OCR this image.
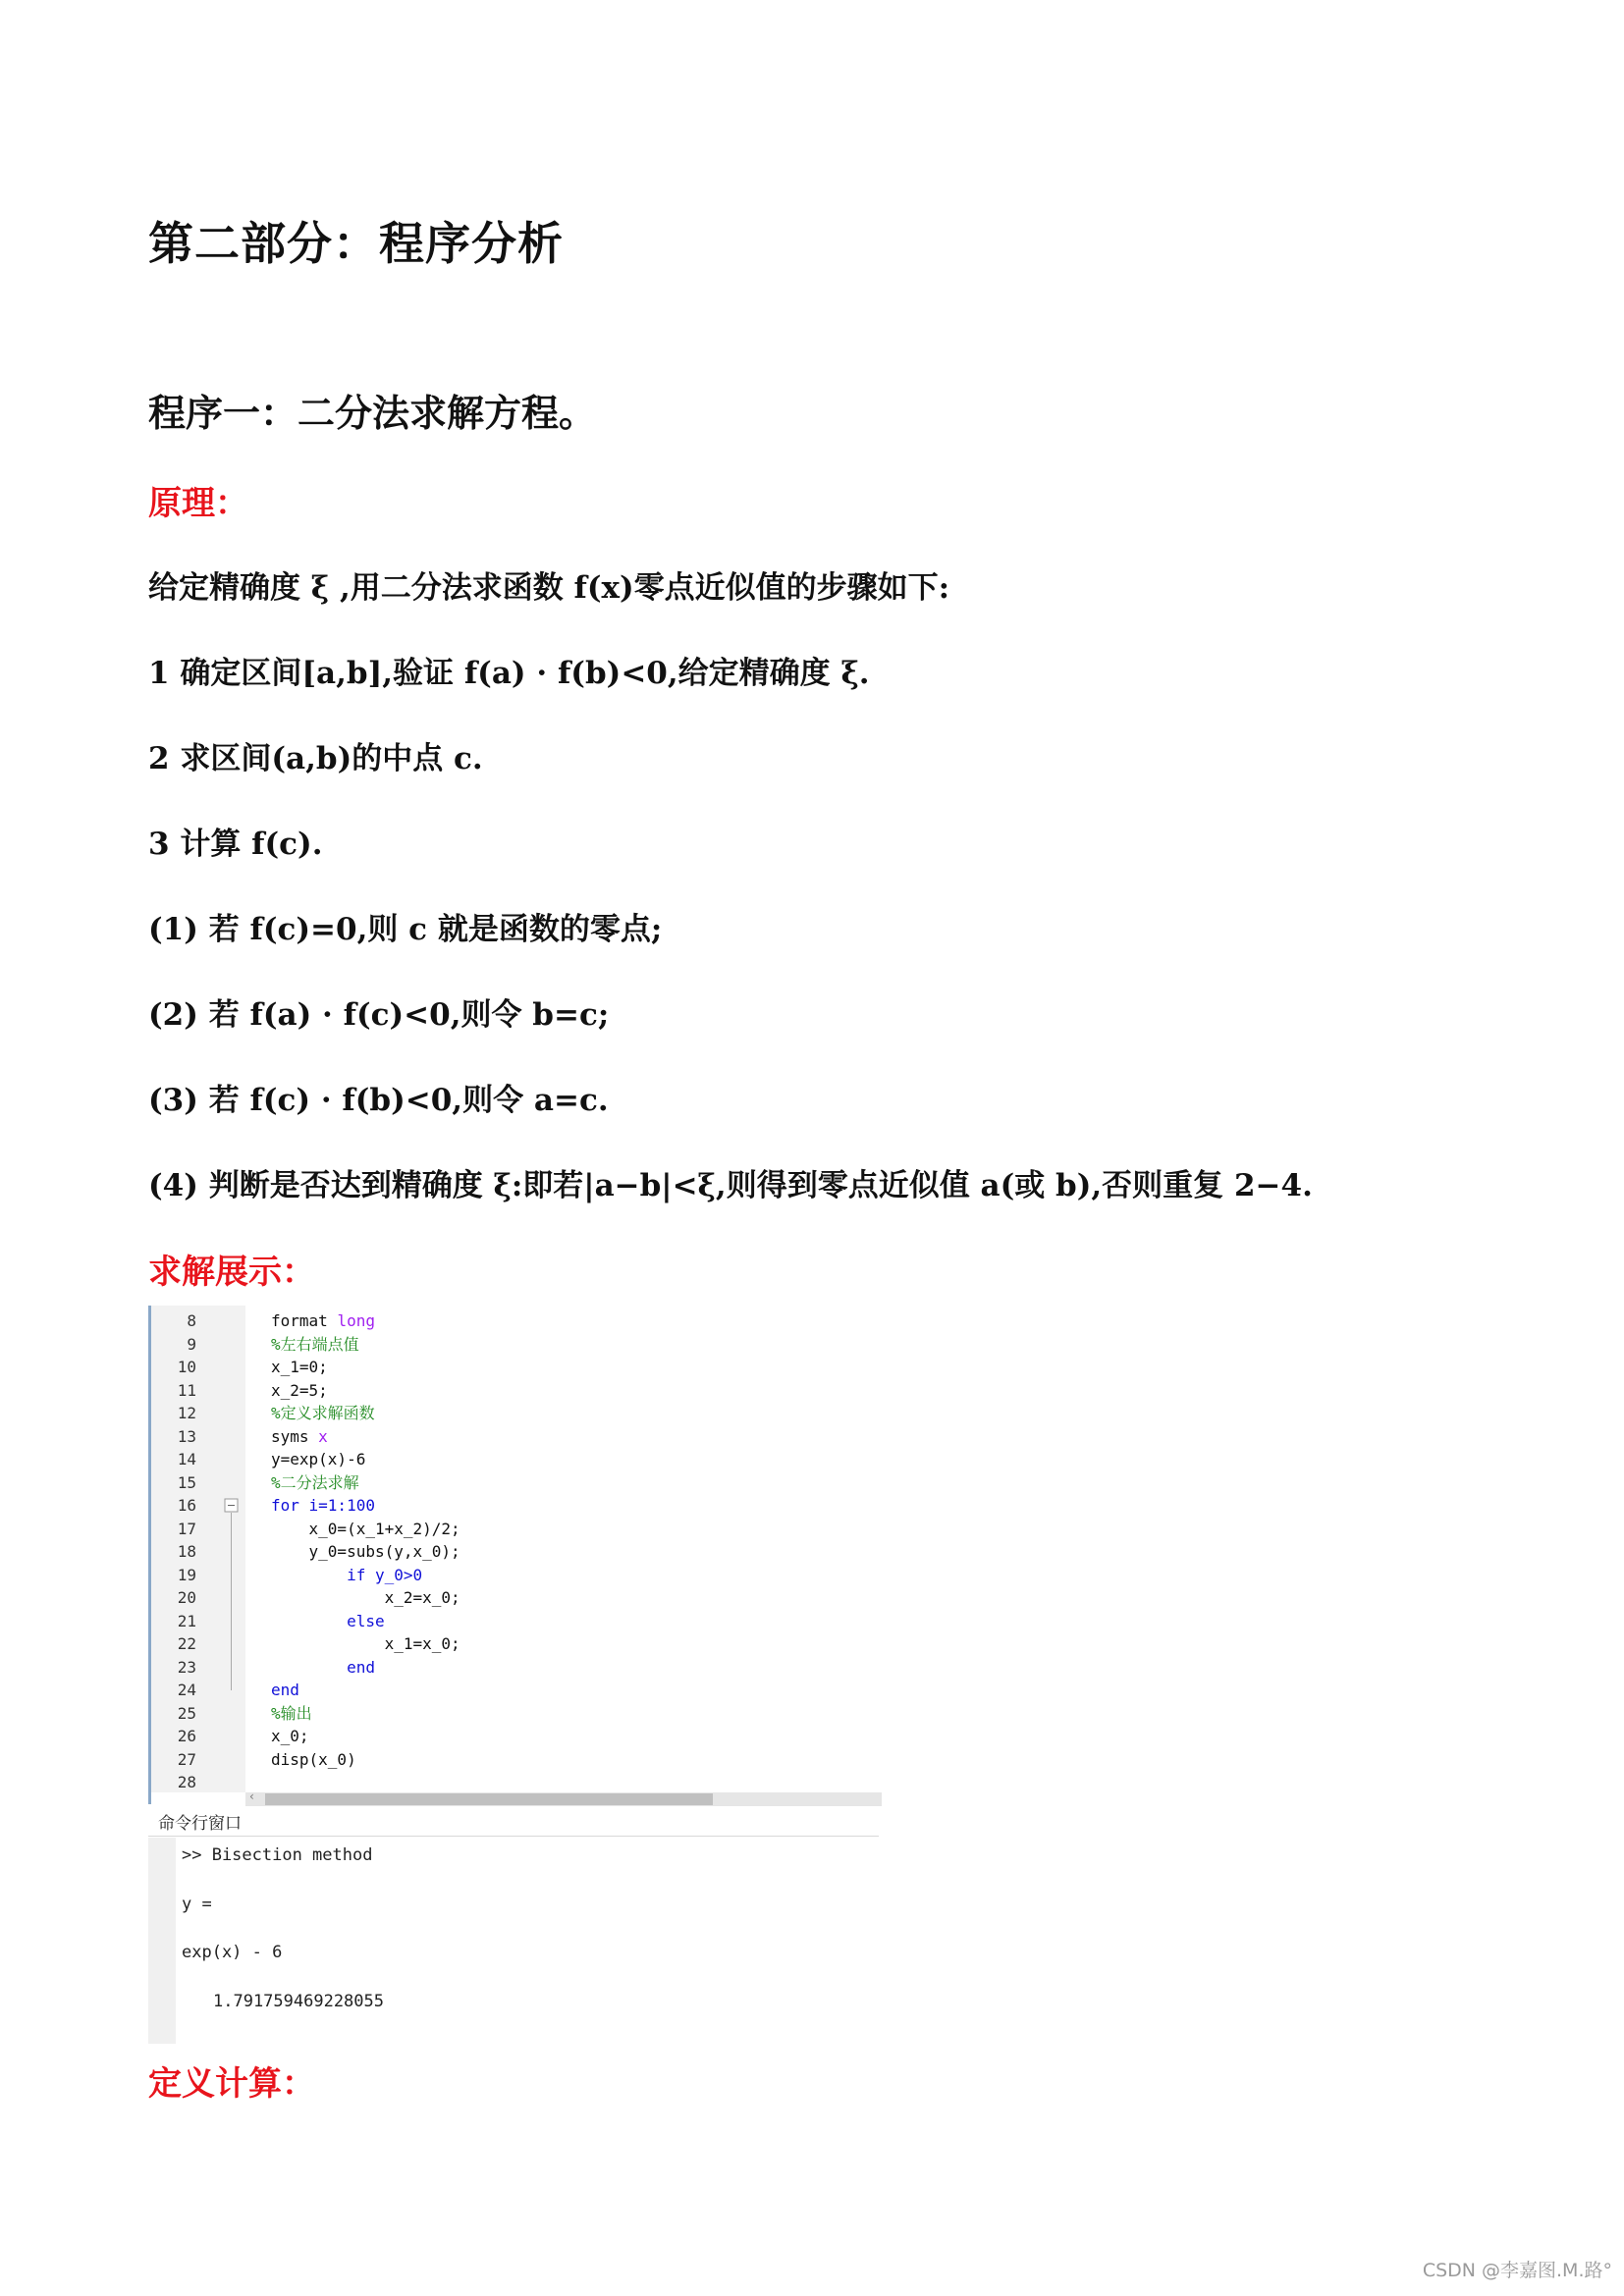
第二部分：程序分析
程序一：二分法求解方程。
原理：
给定精确度 ξ ,用二分法求函数 f(x)零点近似值的步骤如下:
1 确定区间[a,b],验证 f(a) · f(b)<0,给定精确度 ξ.
2 求区间(a,b)的中点 c.
3 计算 f(c).
(1) 若 f(c)=0,则 c 就是函数的零点;
(2) 若 f(a) · f(c)<0,则令 b=c;
(3) 若 f(c) · f(b)<0,则令 a=c.
(4) 判断是否达到精确度 ξ:即若|a−b|<ξ,则得到零点近似值 a(或 b),否则重复 2−4.
求解展示：
8	format long
9	%左右端点值
10	x_1=0;
11	x_2=5;
12	%定义求解函数
13	syms x
14	y=exp(x)-6
15	%二分法求解
16	for i=1:100
17	x_0=(x_1+x_2)/2;
18	y_0=subs(y,x_0);
19	if y_0>0
20	x_2=x_0;
21	else
22	x_1=x_0;
23	end
24	end
25	%输出
26	x_0;
27	disp(x_0)
28
‹
命令行窗口
>> Bisection method
y =
exp(x) - 6
1.791759469228055
定义计算：
CSDN @李嘉图.M.路°
